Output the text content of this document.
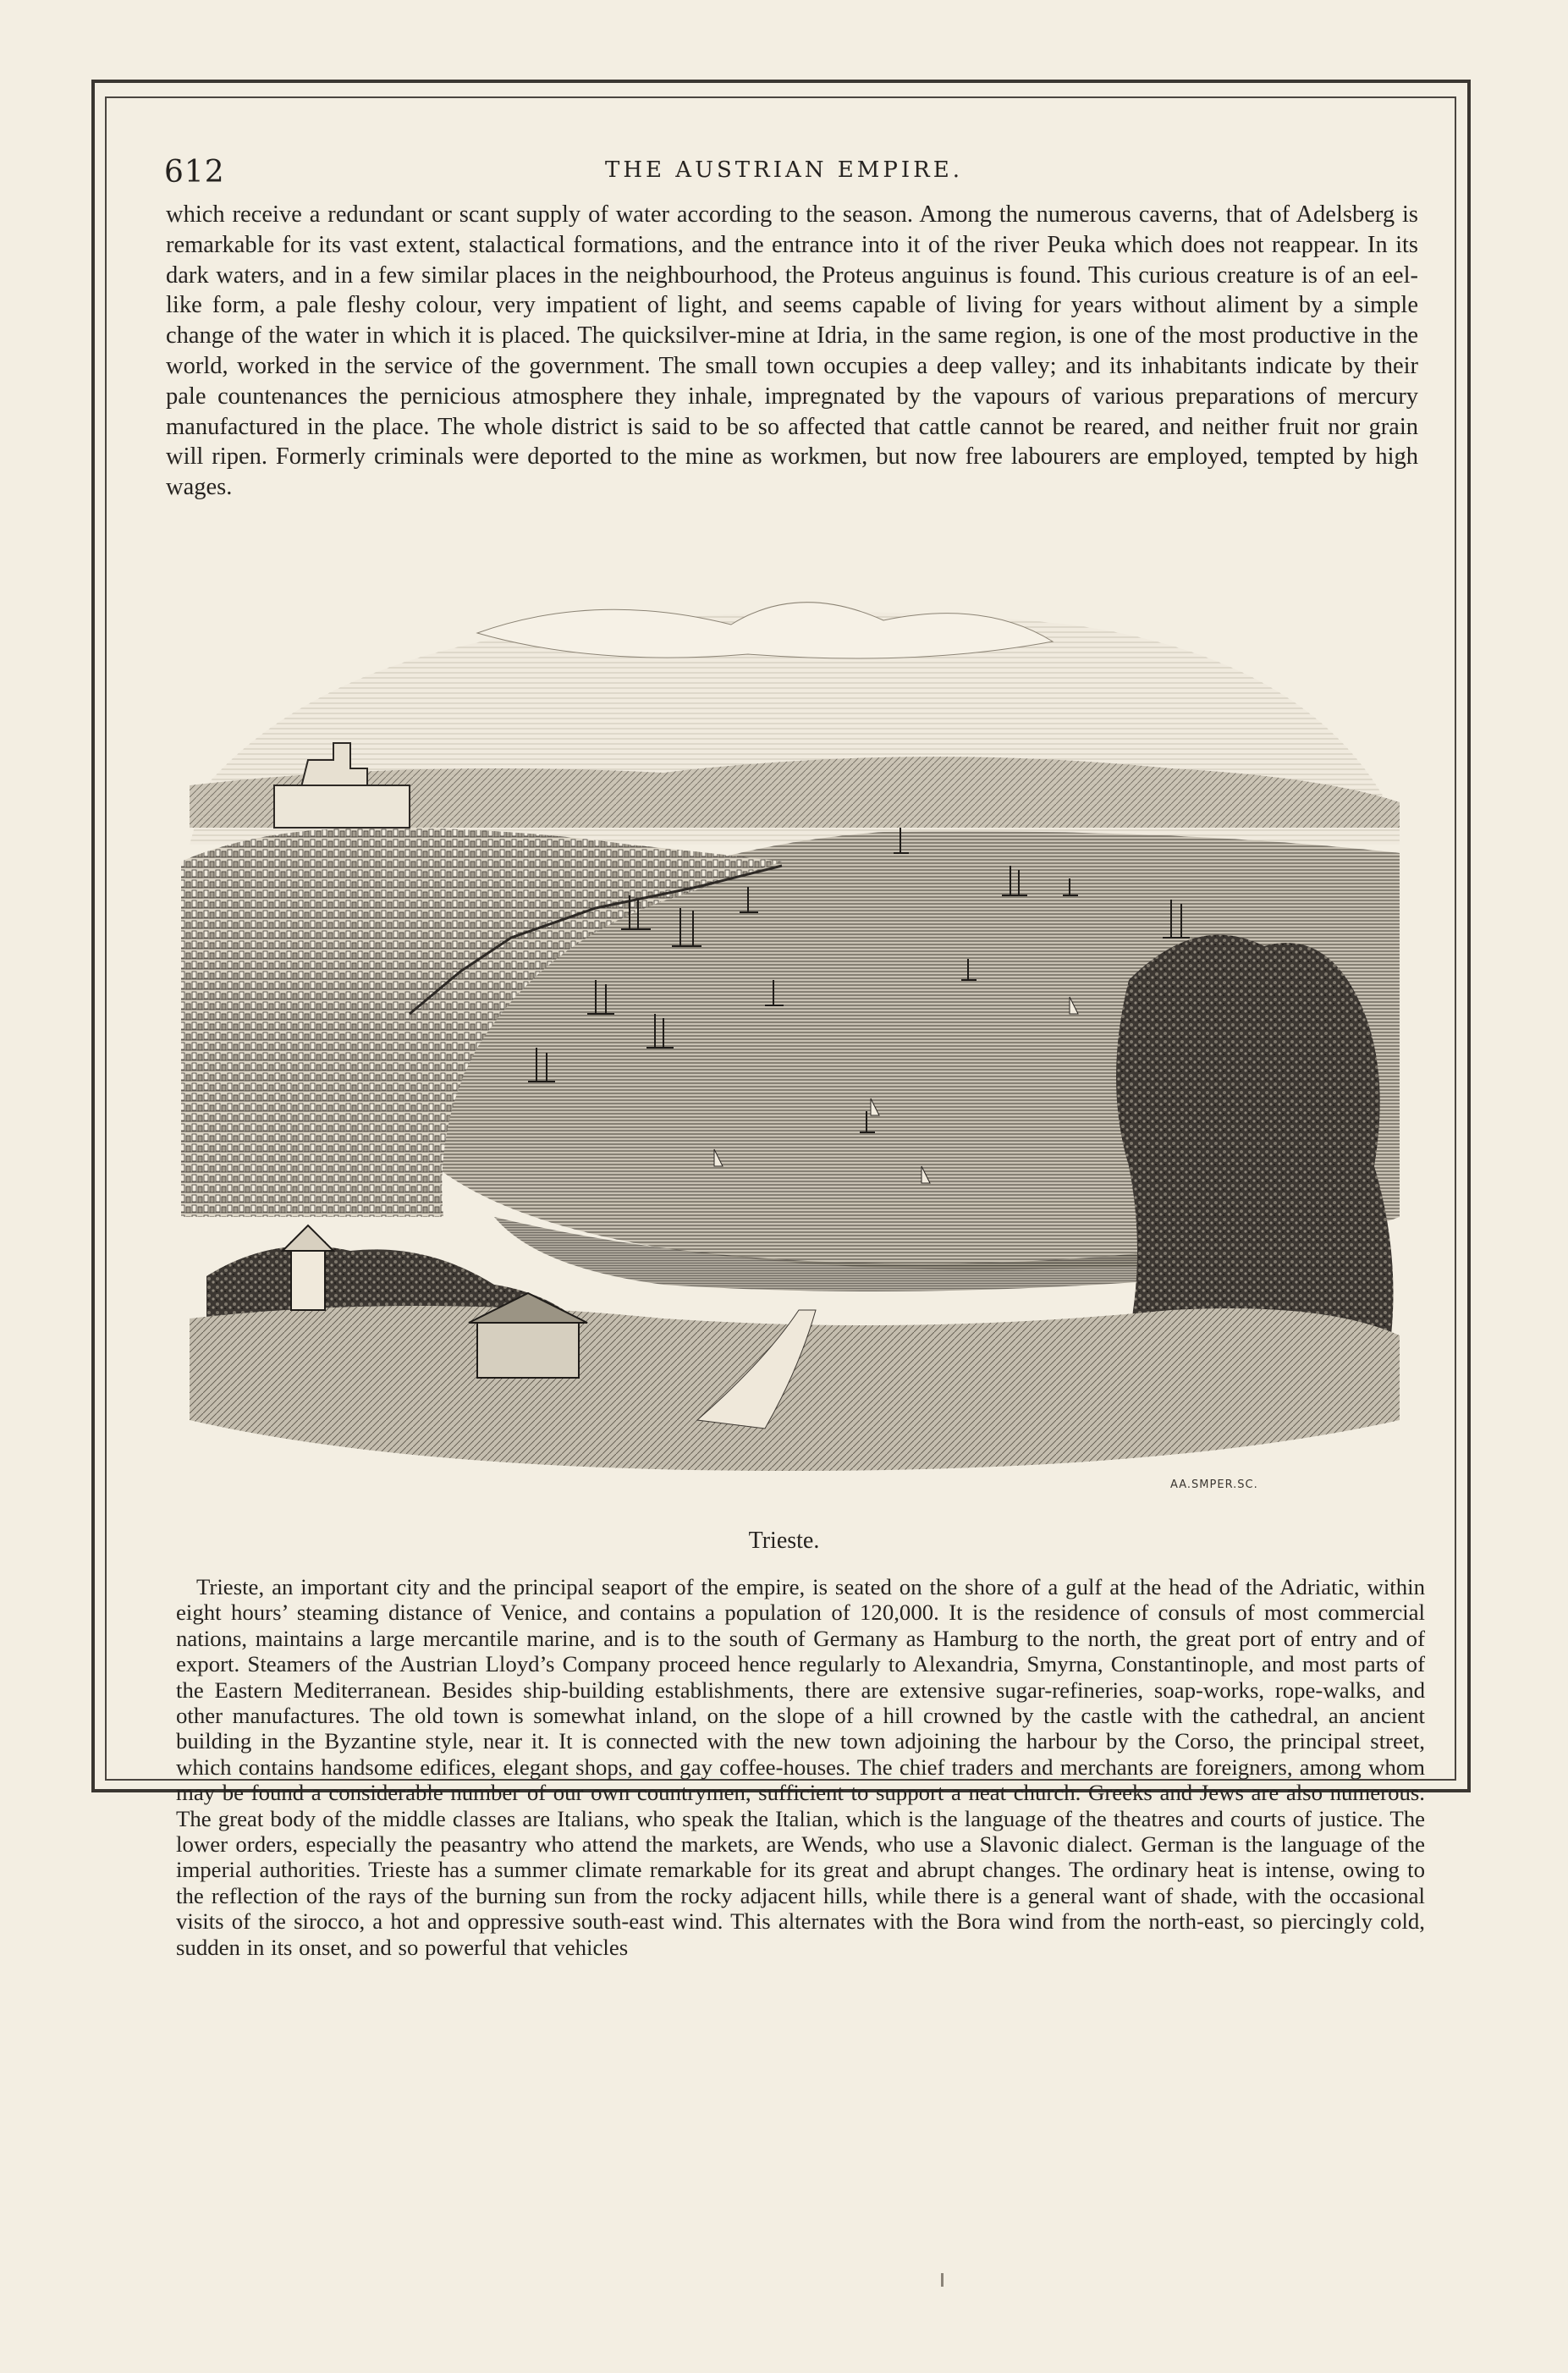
612	THE AUSTRIAN EMPIRE.

which receive a redundant or scant supply of water according to the season. Among the numerous caverns, that of Adelsberg is remarkable for its vast extent, stalactical formations, and the entrance into it of the river Peuka which does not reappear. In its dark waters, and in a few similar places in the neighbourhood, the Proteus anguinus is found. This curious creature is of an eel-like form, a pale fleshy colour, very impatient of light, and seems capable of living for years without aliment by a simple change of the water in which it is placed. The quicksilver-mine at Idria, in the same region, is one of the most productive in the world, worked in the service of the government. The small town occupies a deep valley; and its inhabitants indicate by their pale countenances the pernicious atmosphere they inhale, impregnated by the vapours of various preparations of mercury manufactured in the place. The whole district is said to be so affected that cattle cannot be reared, and neither fruit nor grain will ripen. Formerly criminals were deported to the mine as workmen, but now free labourers are employed, tempted by high wages.

AA.SMPER.SC.
Trieste.

Trieste, an important city and the principal seaport of the empire, is seated on the shore of a gulf at the head of the Adriatic, within eight hours’ steaming distance of Venice, and contains a population of 120,000. It is the residence of consuls of most commercial nations, maintains a large mercantile marine, and is to the south of Germany as Hamburg to the north, the great port of entry and of export. Steamers of the Austrian Lloyd’s Company proceed hence regularly to Alexandria, Smyrna, Constantinople, and most parts of the Eastern Mediterranean. Besides ship-building establishments, there are extensive sugar-refineries, soap-works, rope-walks, and other manufactures. The old town is somewhat inland, on the slope of a hill crowned by the castle with the cathedral, an ancient building in the Byzantine style, near it. It is connected with the new town adjoining the harbour by the Corso, the principal street, which contains handsome edifices, elegant shops, and gay coffee-houses. The chief traders and merchants are foreigners, among whom may be found a considerable number of our own countrymen, sufficient to support a neat church. Greeks and Jews are also numerous. The great body of the middle classes are Italians, who speak the Italian, which is the language of the theatres and courts of justice. The lower orders, especially the peasantry who attend the markets, are Wends, who use a Slavonic dialect. German is the language of the imperial authorities. Trieste has a summer climate remarkable for its great and abrupt changes. The ordinary heat is intense, owing to the reflection of the rays of the burning sun from the rocky adjacent hills, while there is a general want of shade, with the occasional visits of the sirocco, a hot and oppressive south-east wind. This alternates with the Bora wind from the north-east, so piercingly cold, sudden in its onset, and so powerful that vehicles
